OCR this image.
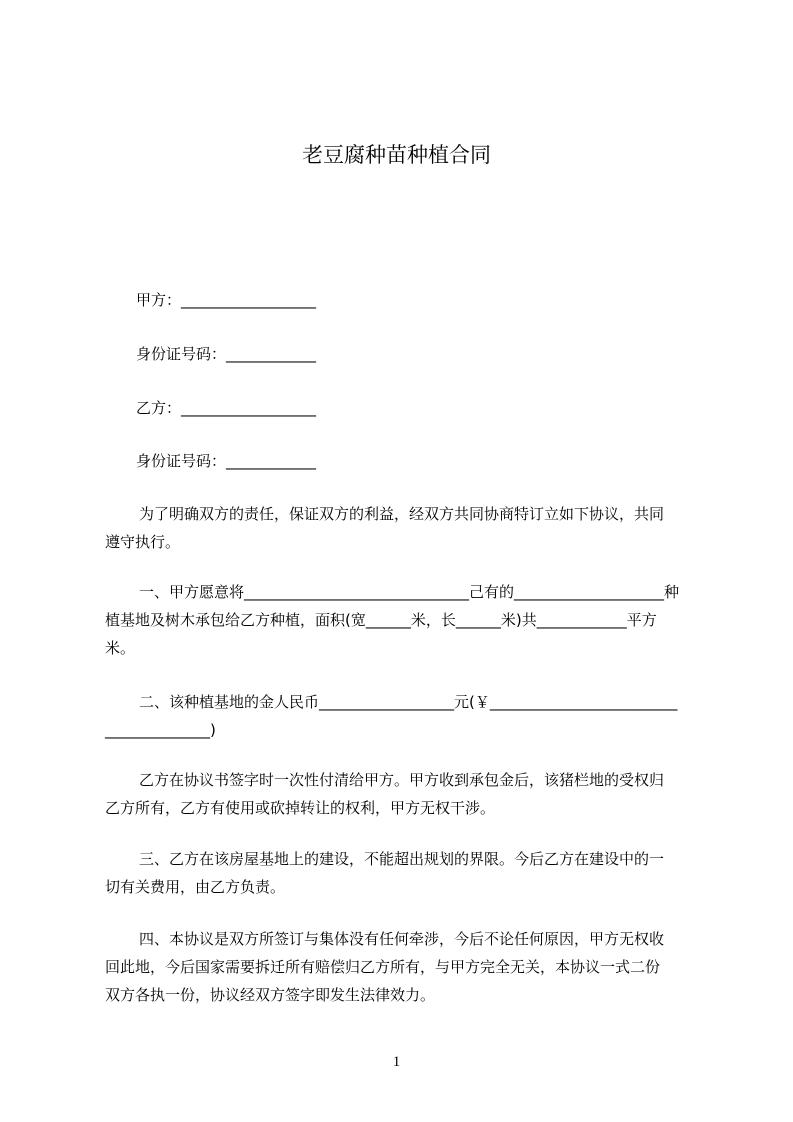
老豆腐种苗种植合同
甲方：__________________
身份证号码：____________
乙方：__________________
身份证号码：____________

为了明确双方的责任，保证双方的利益，经双方共同协商特订立如下协议，共同

遵守执行。

一、甲方愿意将______________________________己有的____________________种

植基地及树木承包给乙方种植，面积(宽______米，长______米)共____________平方

米。

二、该种植基地的金人民币__________________元(￥_________________________

______________)

乙方在协议书签字时一次性付清给甲方。甲方收到承包金后，该猪栏地的受权归

乙方所有，乙方有使用或砍掉转让的权利，甲方无权干涉。

三、乙方在该房屋基地上的建设，不能超出规划的界限。今后乙方在建设中的一

切有关费用，由乙方负责。

四、本协议是双方所签订与集体没有任何牵涉，今后不论任何原因，甲方无权收

回此地，今后国家需要拆迁所有赔偿归乙方所有，与甲方完全无关，本协议一式二份

双方各执一份，协议经双方签字即发生法律效力。

1
